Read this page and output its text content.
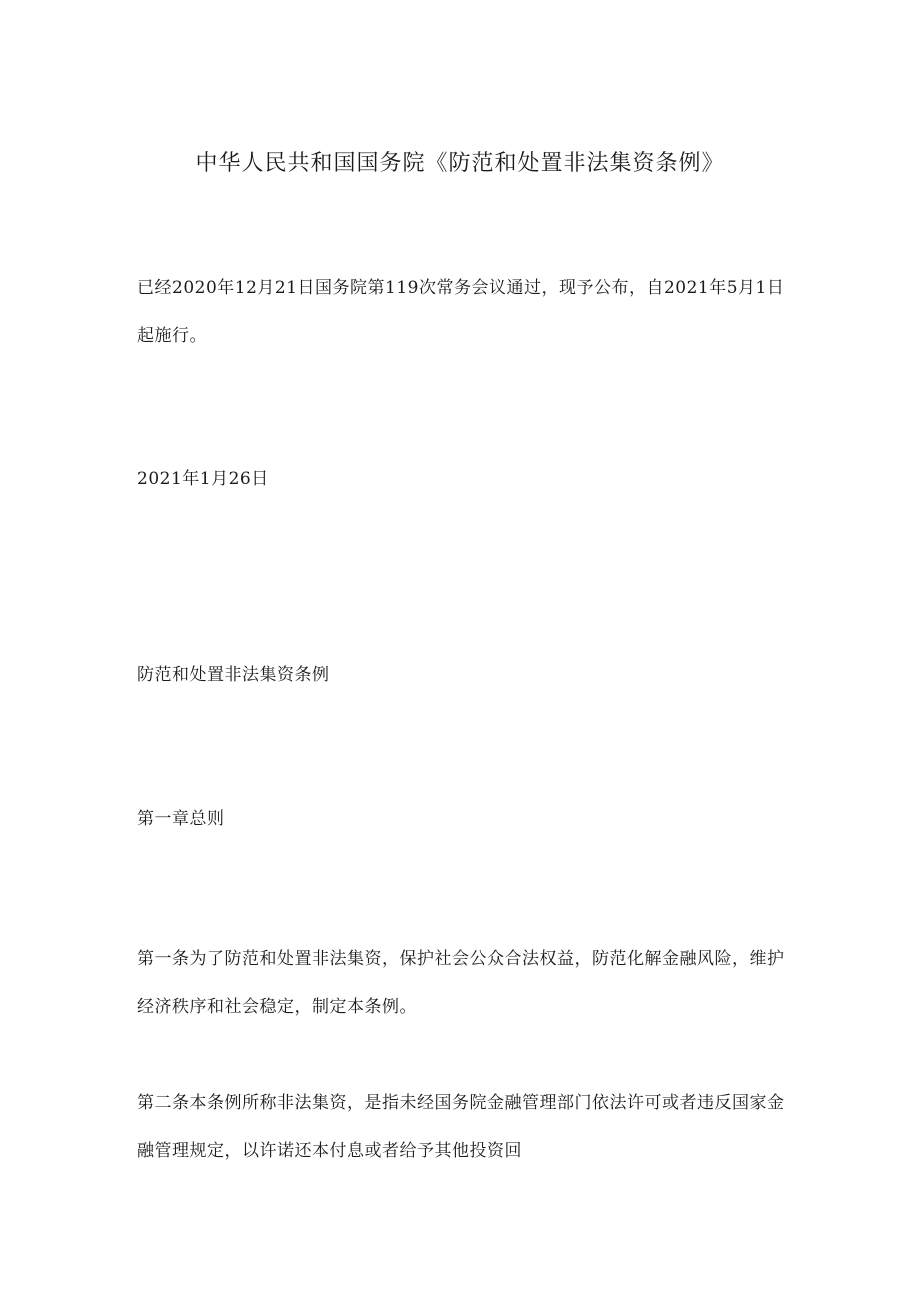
中华人民共和国国务院《防范和处置非法集资条例》
已经2020年12月21日国务院第119次常务会议通过，现予公布，自2021年5月1日起施行。
2021年1月26日
防范和处置非法集资条例
第一章总则
第一条为了防范和处置非法集资，保护社会公众合法权益，防范化解金融风险，维护经济秩序和社会稳定，制定本条例。
第二条本条例所称非法集资，是指未经国务院金融管理部门依法许可或者违反国家金融管理规定，以许诺还本付息或者给予其他投资回
